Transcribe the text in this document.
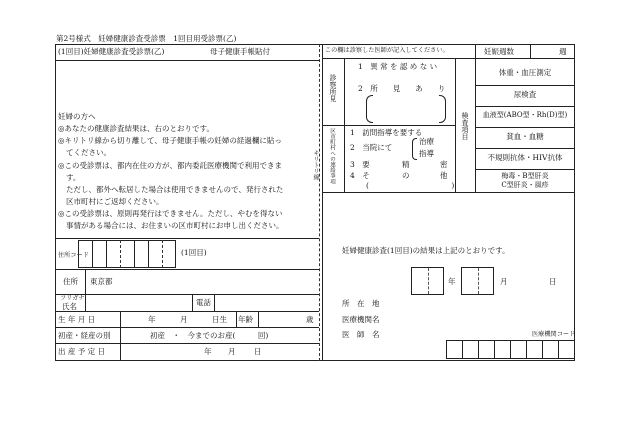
第2号様式　妊婦健康診査受診票　1回目用受診票(乙)
(1回目)妊婦健康診査受診票(乙)	母子健康手帳貼付
妊婦の方へ
◎あなたの健康診査結果は、右のとおりです。
◎キリトリ線から切り離して、母子健康手帳の妊婦の経過欄に貼っ
てください。
◎この受診票は、都内在住の方が、都内委託医療機関で利用できま
す。
ただし、都外へ転居した場合は使用できませんので、発行された
区市町村にご返却ください。
◎この受診票は、原則再発行はできません。ただし、やむを得ない
事情がある場合には、お住まいの区市町村にお申し出ください。
住所コード	(1回目)
住所 東京都
フリガナ
氏名	電話
生 年 月 日	年	月	日生 年齢	歳
初産・経産の別	初産　・　今までのお産(　　　回)
出 産 予 定 日	年 月 日
キリトリ線
この欄は診察した医師が記入してください。	妊娠週数	週
診察所見
1　異 常 を 認 め な い
2　所　　見　　あ　　り
区市町村への連絡事項 1　訪問指導を要する
2　当院にて
治療
指導
3　要	精	密
4　そ	の	他
(　　　　　　　　　　　)
検査項目
体重・血圧測定
尿検査
血液型(ABO型・Rh(D)型)
貧血・血糖
不規則抗体・HIV抗体
梅毒・B型肝炎
C型肝炎・風疹
妊婦健康診査(1回目)の結果は上記のとおりです。
年	月	日
所　在　地
医療機関名
医　師　名	医療機関コード
